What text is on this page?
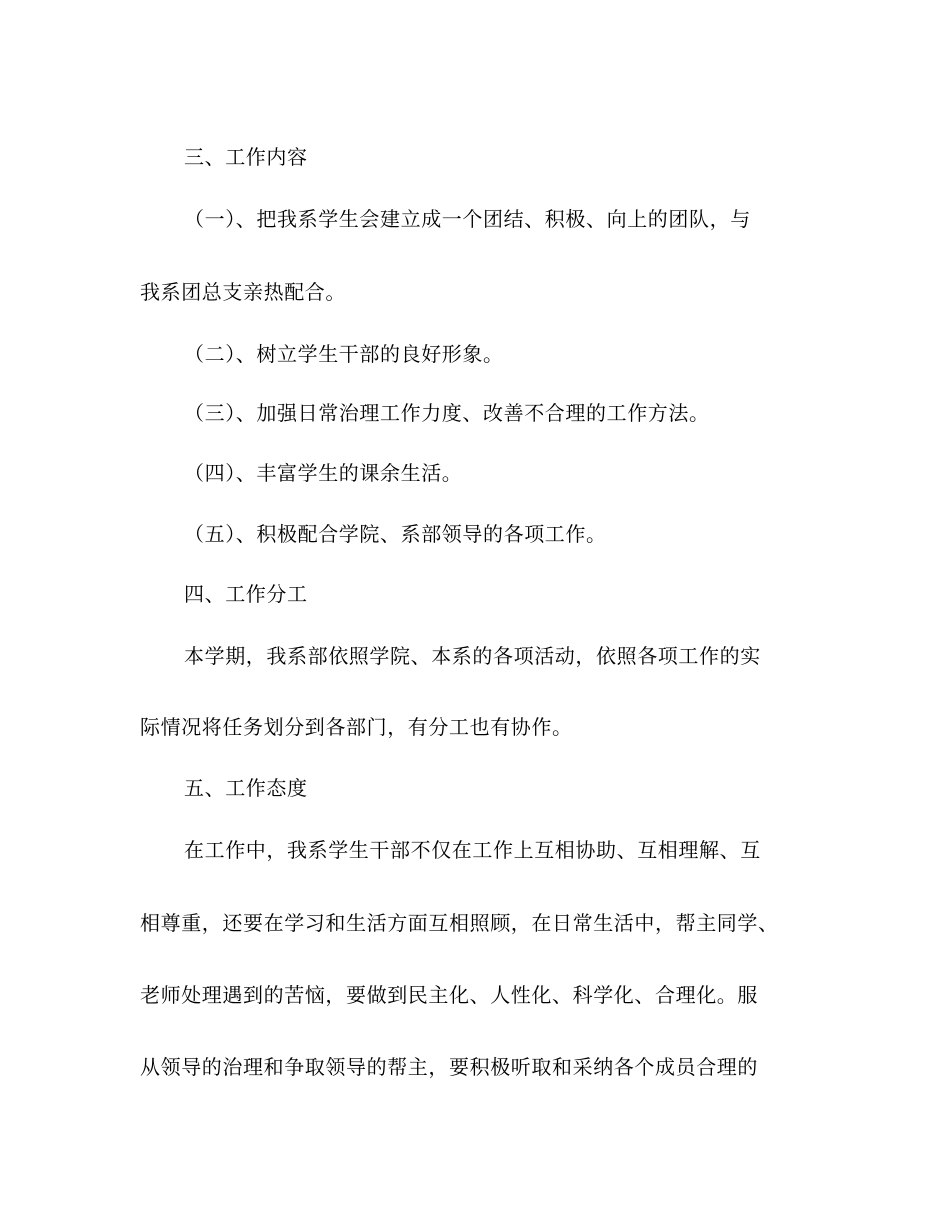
三、工作内容
（一）、把我系学生会建立成一个团结、积极、向上的团队，与
我系团总支亲热配合。
（二）、树立学生干部的良好形象。
（三）、加强日常治理工作力度、改善不合理的工作方法。
（四）、丰富学生的课余生活。
（五）、积极配合学院、系部领导的各项工作。
四、工作分工
本学期，我系部依照学院、本系的各项活动，依照各项工作的实
际情况将任务划分到各部门，有分工也有协作。
五、工作态度
在工作中，我系学生干部不仅在工作上互相协助、互相理解、互
相尊重，还要在学习和生活方面互相照顾，在日常生活中，帮主同学、
老师处理遇到的苦恼，要做到民主化、人性化、科学化、合理化。服
从领导的治理和争取领导的帮主，要积极听取和采纳各个成员合理的
